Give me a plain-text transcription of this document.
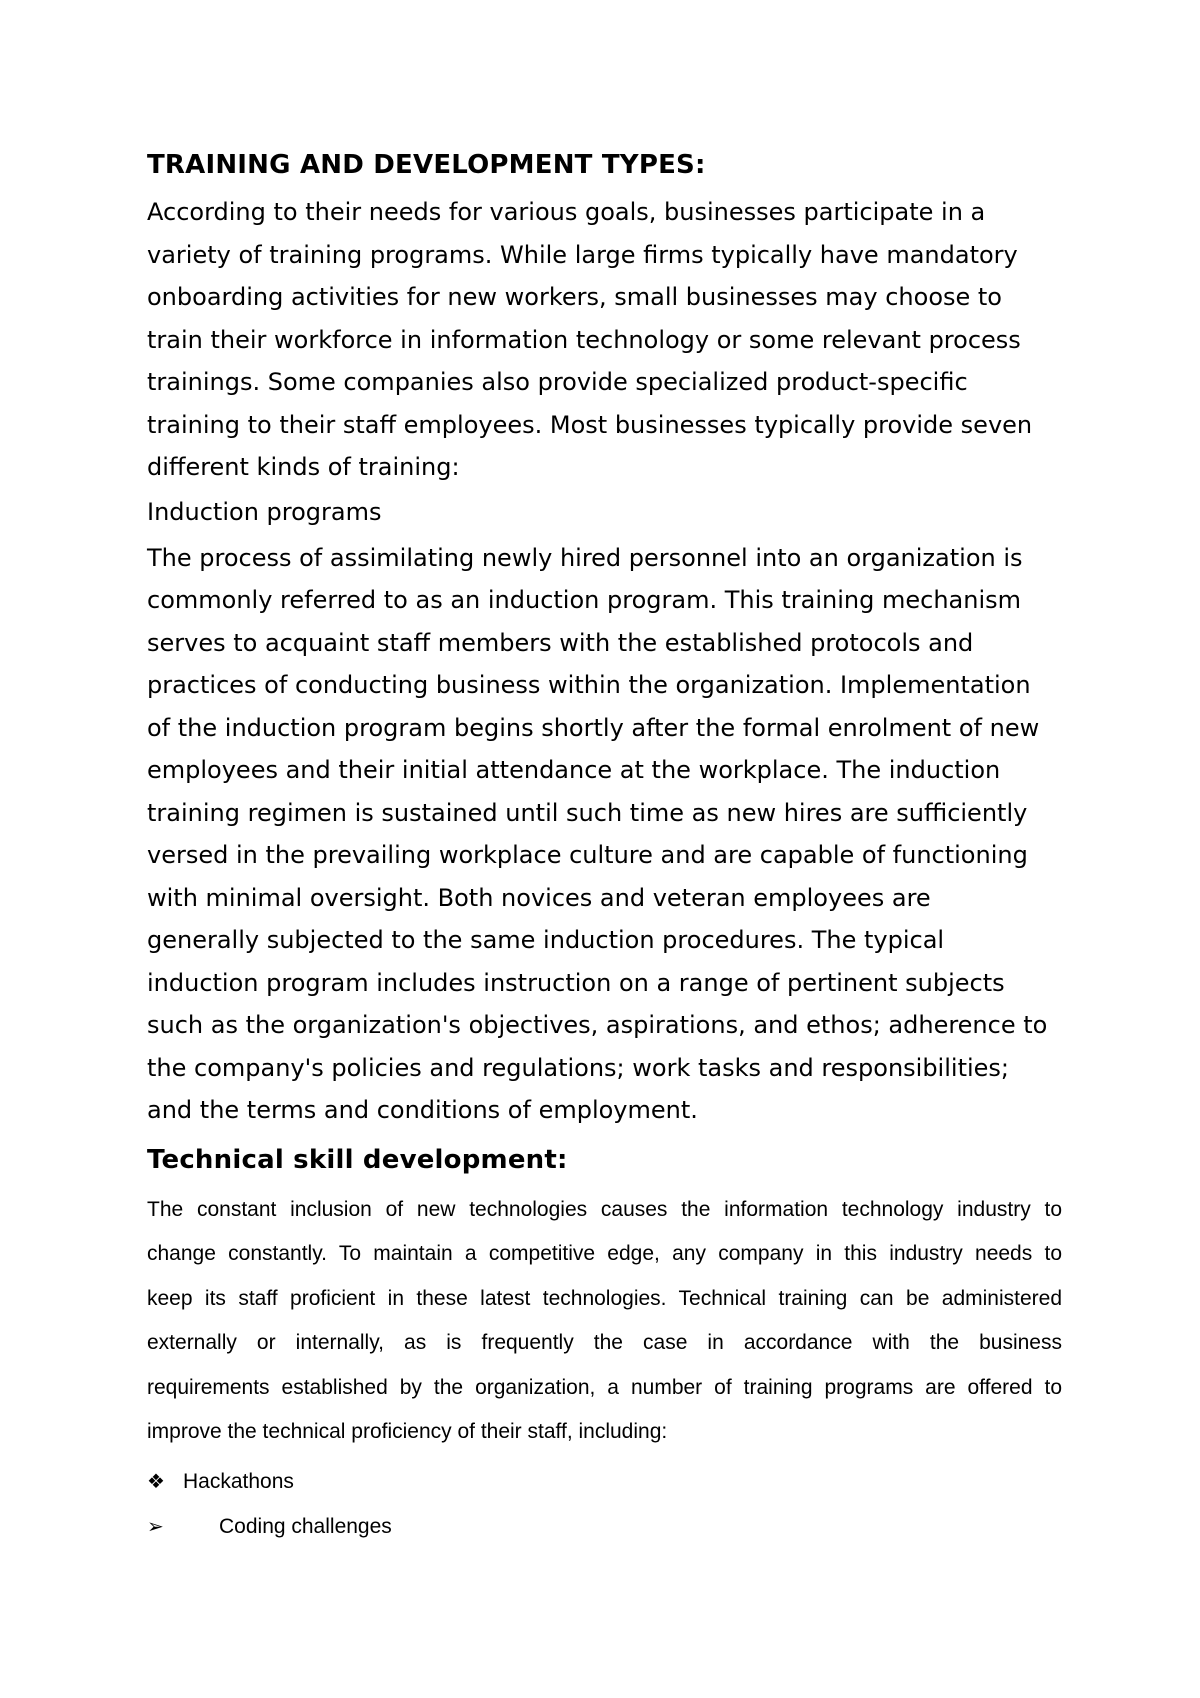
TRAINING AND DEVELOPMENT TYPES:
According to their needs for various goals, businesses participate in a
variety of training programs. While large firms typically have mandatory
onboarding activities for new workers, small businesses may choose to
train their workforce in information technology or some relevant process
trainings. Some companies also provide specialized product-specific
training to their staff employees. Most businesses typically provide seven
different kinds of training:
Induction programs
The process of assimilating newly hired personnel into an organization is
commonly referred to as an induction program. This training mechanism
serves to acquaint staff members with the established protocols and
practices of conducting business within the organization. Implementation
of the induction program begins shortly after the formal enrolment of new
employees and their initial attendance at the workplace. The induction
training regimen is sustained until such time as new hires are sufficiently
versed in the prevailing workplace culture and are capable of functioning
with minimal oversight. Both novices and veteran employees are
generally subjected to the same induction procedures. The typical
induction program includes instruction on a range of pertinent subjects
such as the organization's objectives, aspirations, and ethos; adherence to
the company's policies and regulations; work tasks and responsibilities;
and the terms and conditions of employment.
Technical skill development:
The constant inclusion of new technologies causes the information technology industry to
change constantly. To maintain a competitive edge, any company in this industry needs to
keep its staff proficient in these latest technologies. Technical training can be administered
externally or internally, as is frequently the case in accordance with the business
requirements established by the organization, a number of training programs are offered to
improve the technical proficiency of their staff, including:
❖ Hackathons
➢	Coding challenges
